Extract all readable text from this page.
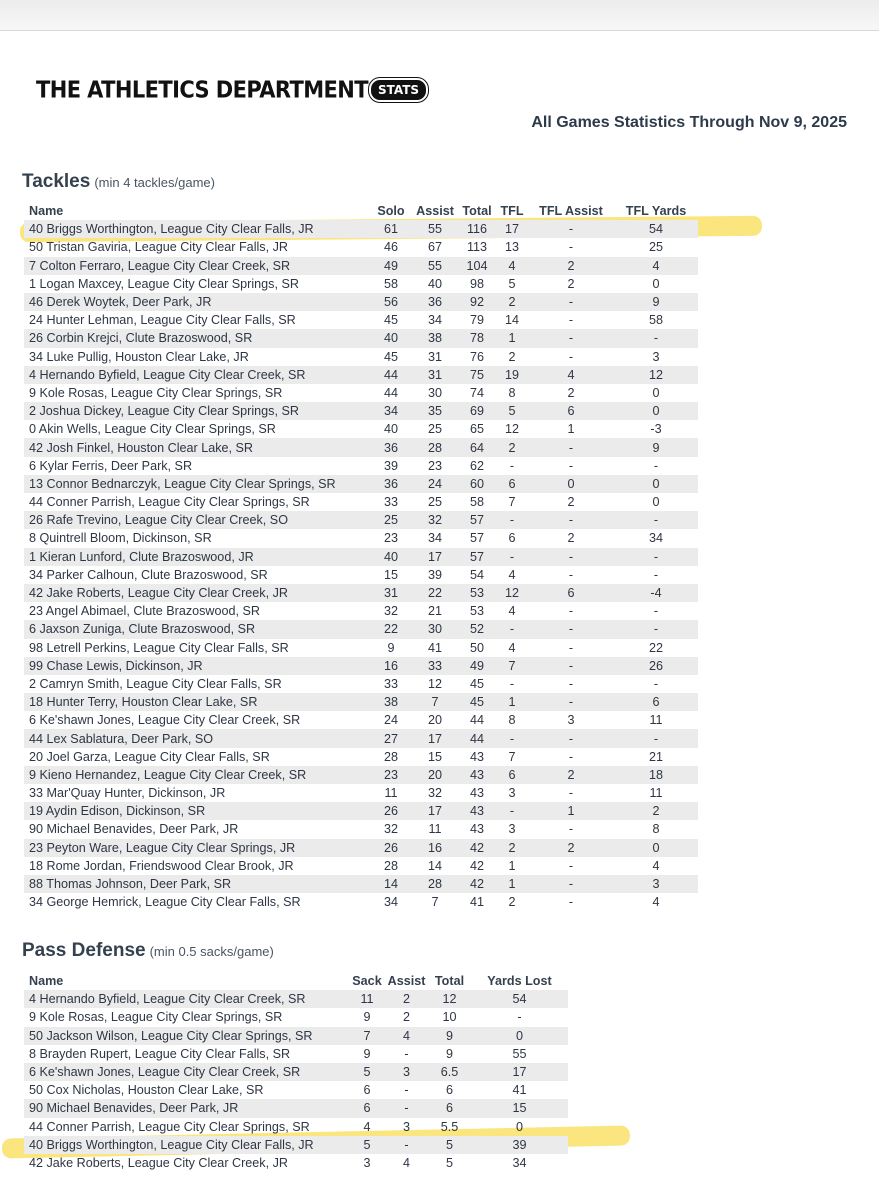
THE ATHLETICS DEPARTMENT STATS
All Games Statistics Through Nov 9, 2025
Tackles (min 4 tackles/game)
Name	Solo	Assist	Total	TFL	TFL Assist	TFL Yards
40 Briggs Worthington, League City Clear Falls, JR	61	55	116	17	-	54
50 Tristan Gaviria, League City Clear Falls, JR	46	67	113	13	-	25
7 Colton Ferraro, League City Clear Creek, SR	49	55	104	4	2	4
1 Logan Maxcey, League City Clear Springs, SR	58	40	98	5	2	0
46 Derek Woytek, Deer Park, JR	56	36	92	2	-	9
24 Hunter Lehman, League City Clear Falls, SR	45	34	79	14	-	58
26 Corbin Krejci, Clute Brazoswood, SR	40	38	78	1	-	-
34 Luke Pullig, Houston Clear Lake, JR	45	31	76	2	-	3
4 Hernando Byfield, League City Clear Creek, SR	44	31	75	19	4	12
9 Kole Rosas, League City Clear Springs, SR	44	30	74	8	2	0
2 Joshua Dickey, League City Clear Springs, SR	34	35	69	5	6	0
0 Akin Wells, League City Clear Springs, SR	40	25	65	12	1	-3
42 Josh Finkel, Houston Clear Lake, SR	36	28	64	2	-	9
6 Kylar Ferris, Deer Park, SR	39	23	62	-	-	-
13 Connor Bednarczyk, League City Clear Springs, SR	36	24	60	6	0	0
44 Conner Parrish, League City Clear Springs, SR	33	25	58	7	2	0
26 Rafe Trevino, League City Clear Creek, SO	25	32	57	-	-	-
8 Quintrell Bloom, Dickinson, SR	23	34	57	6	2	34
1 Kieran Lunford, Clute Brazoswood, JR	40	17	57	-	-	-
34 Parker Calhoun, Clute Brazoswood, SR	15	39	54	4	-	-
42 Jake Roberts, League City Clear Creek, JR	31	22	53	12	6	-4
23 Angel Abimael, Clute Brazoswood, SR	32	21	53	4	-	-
6 Jaxson Zuniga, Clute Brazoswood, SR	22	30	52	-	-	-
98 Letrell Perkins, League City Clear Falls, SR	9	41	50	4	-	22
99 Chase Lewis, Dickinson, JR	16	33	49	7	-	26
2 Camryn Smith, League City Clear Falls, SR	33	12	45	-	-	-
18 Hunter Terry, Houston Clear Lake, SR	38	7	45	1	-	6
6 Ke'shawn Jones, League City Clear Creek, SR	24	20	44	8	3	11
44 Lex Sablatura, Deer Park, SO	27	17	44	-	-	-
20 Joel Garza, League City Clear Falls, SR	28	15	43	7	-	21
9 Kieno Hernandez, League City Clear Creek, SR	23	20	43	6	2	18
33 Mar'Quay Hunter, Dickinson, JR	11	32	43	3	-	11
19 Aydin Edison, Dickinson, SR	26	17	43	-	1	2
90 Michael Benavides, Deer Park, JR	32	11	43	3	-	8
23 Peyton Ware, League City Clear Springs, JR	26	16	42	2	2	0
18 Rome Jordan, Friendswood Clear Brook, JR	28	14	42	1	-	4
88 Thomas Johnson, Deer Park, SR	14	28	42	1	-	3
34 George Hemrick, League City Clear Falls, SR	34	7	41	2	-	4
Pass Defense (min 0.5 sacks/game)
Name	Sack	Assist	Total	Yards Lost
4 Hernando Byfield, League City Clear Creek, SR	11	2	12	54
9 Kole Rosas, League City Clear Springs, SR	9	2	10	-
50 Jackson Wilson, League City Clear Springs, SR	7	4	9	0
8 Brayden Rupert, League City Clear Falls, SR	9	-	9	55
6 Ke'shawn Jones, League City Clear Creek, SR	5	3	6.5	17
50 Cox Nicholas, Houston Clear Lake, SR	6	-	6	41
90 Michael Benavides, Deer Park, JR	6	-	6	15
44 Conner Parrish, League City Clear Springs, SR	4	3	5.5	0
40 Briggs Worthington, League City Clear Falls, JR	5	-	5	39
42 Jake Roberts, League City Clear Creek, JR	3	4	5	34
